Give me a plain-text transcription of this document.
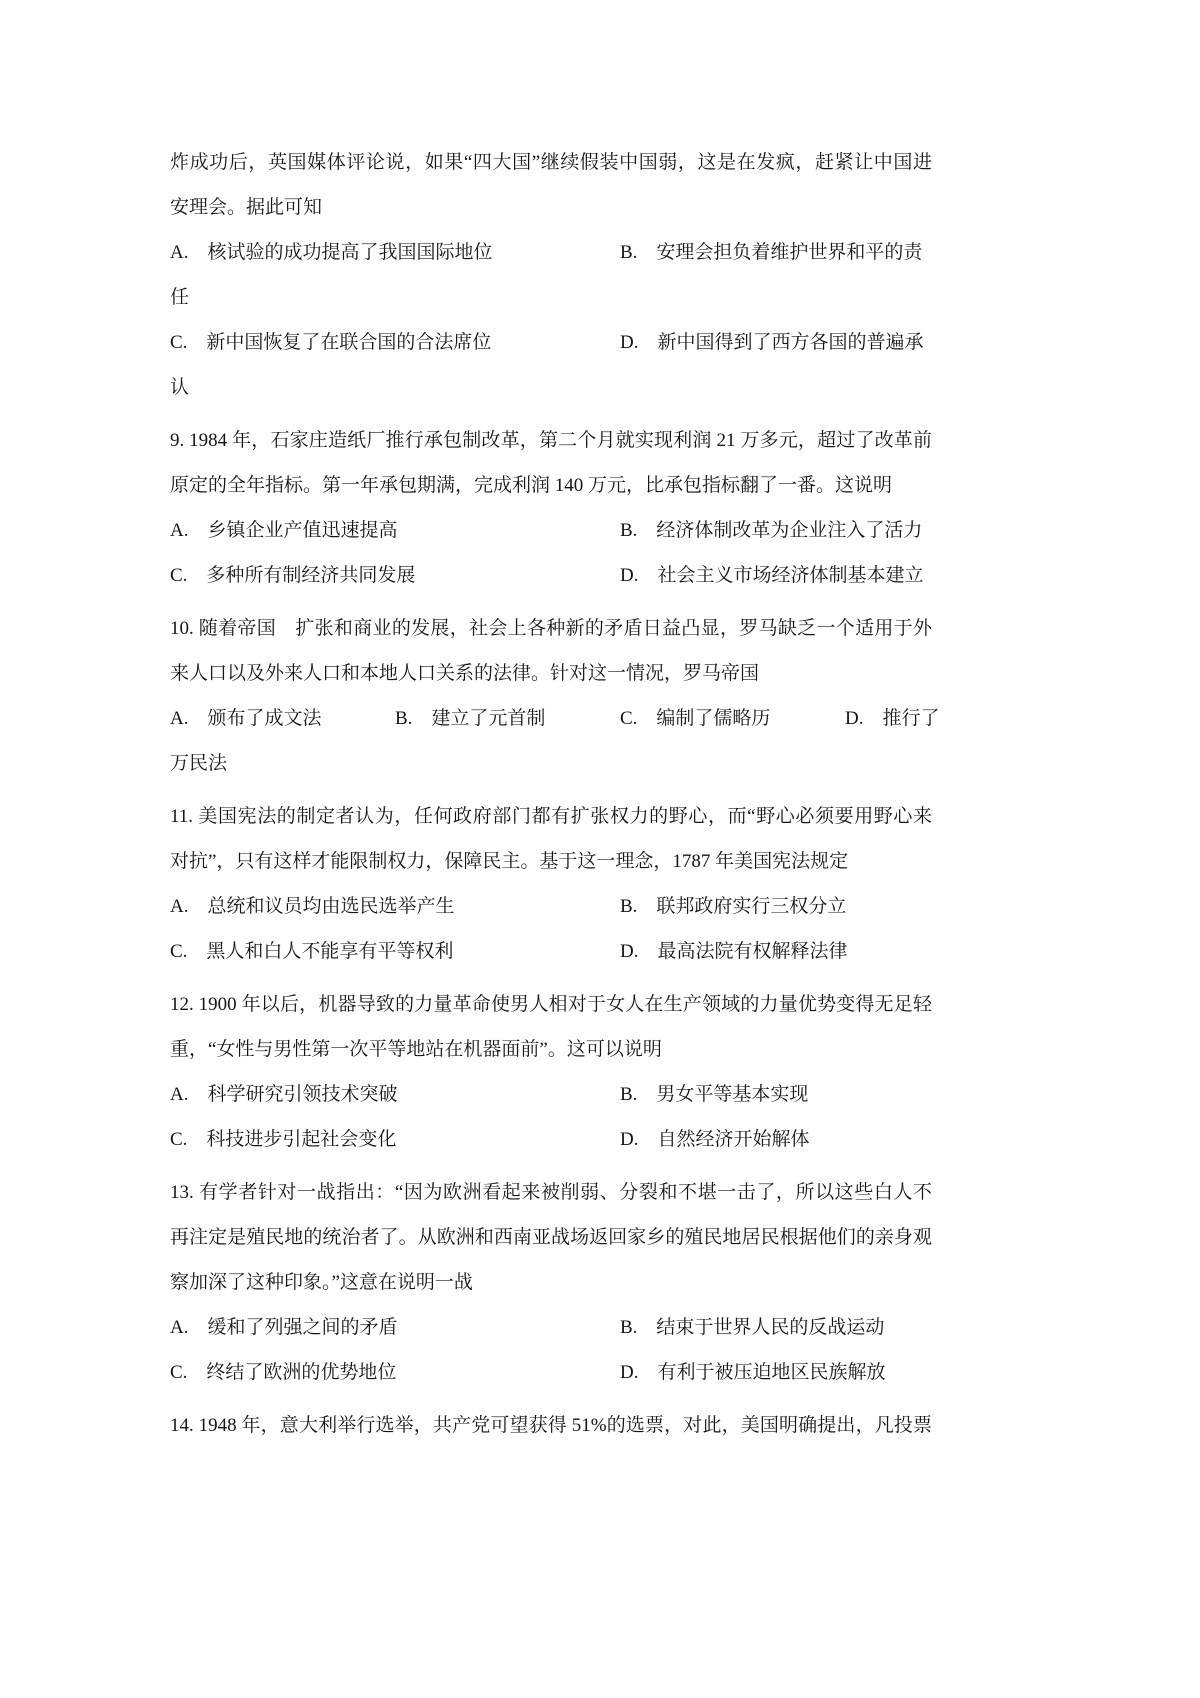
炸成功后，英国媒体评论说，如果“四大国”继续假装中国弱，这是在发疯，赶紧让中国进
安理会。据此可知
A.　核试验的成功提高了我国国际地位	B.　安理会担负着维护世界和平的责
任
C.　新中国恢复了在联合国的合法席位	D.　新中国得到了西方各国的普遍承
认
9. 1984 年，石家庄造纸厂推行承包制改革，第二个月就实现利润 21 万多元，超过了改革前
原定的全年指标。第一年承包期满，完成利润 140 万元，比承包指标翻了一番。这说明
A.　乡镇企业产值迅速提高	B.　经济体制改革为企业注入了活力
C.　多种所有制经济共同发展	D.　社会主义市场经济体制基本建立
10. 随着帝国　扩张和商业的发展，社会上各种新的矛盾日益凸显，罗马缺乏一个适用于外
来人口以及外来人口和本地人口关系的法律。针对这一情况，罗马帝国
A.　颁布了成文法	B.　建立了元首制	C.　编制了儒略历	D.　推行了
万民法
11. 美国宪法的制定者认为，任何政府部门都有扩张权力的野心，而“野心必须要用野心来
对抗”，只有这样才能限制权力，保障民主。基于这一理念，1787 年美国宪法规定
A.　总统和议员均由选民选举产生	B.　联邦政府实行三权分立
C.　黑人和白人不能享有平等权利	D.　最高法院有权解释法律
12. 1900 年以后，机器导致的力量革命使男人相对于女人在生产领域的力量优势变得无足轻
重，“女性与男性第一次平等地站在机器面前”。这可以说明
A.　科学研究引领技术突破	B.　男女平等基本实现
C.　科技进步引起社会变化	D.　自然经济开始解体
13. 有学者针对一战指出：“因为欧洲看起来被削弱、分裂和不堪一击了，所以这些白人不
再注定是殖民地的统治者了。从欧洲和西南亚战场返回家乡的殖民地居民根据他们的亲身观
察加深了这种印象。”这意在说明一战
A.　缓和了列强之间的矛盾	B.　结束于世界人民的反战运动
C.　终结了欧洲的优势地位	D.　有利于被压迫地区民族解放
14. 1948 年，意大利举行选举，共产党可望获得 51%的选票，对此，美国明确提出，凡投票
